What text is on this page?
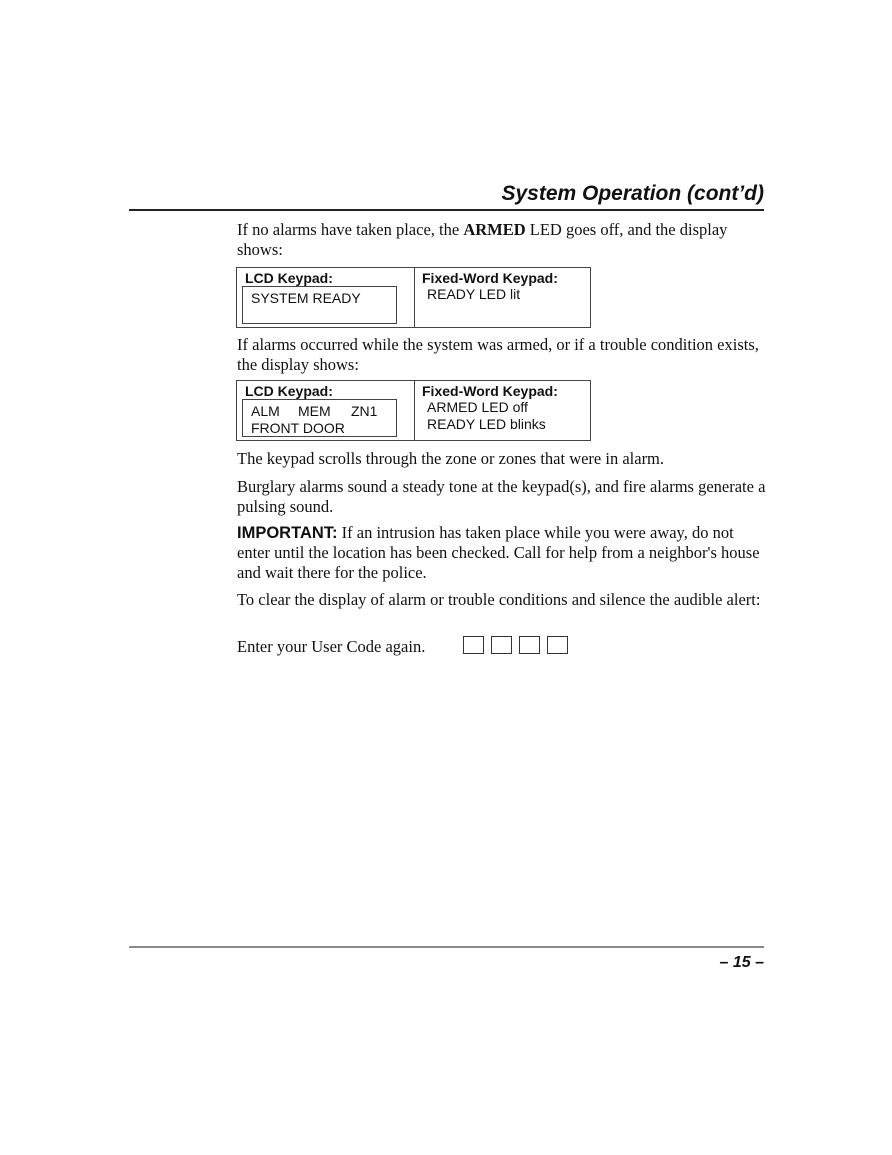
System Operation (cont’d)

If no alarms have taken place, the ARMED LED goes off, and the display shows:

LCD Keypad:
SYSTEM READY
Fixed-Word Keypad:
READY LED lit

If alarms occurred while the system was armed, or if a trouble condition exists, the display shows:

LCD Keypad:
ALM MEM ZN1
FRONT DOOR
Fixed-Word Keypad:
ARMED LED off
READY LED blinks

The keypad scrolls through the zone or zones that were in alarm.

Burglary alarms sound a steady tone at the keypad(s), and fire alarms generate a pulsing sound.

IMPORTANT: If an intrusion has taken place while you were away, do not enter until the location has been checked. Call for help from a neighbor's house and wait there for the police.

To clear the display of alarm or trouble conditions and silence the audible alert:

Enter your User Code again.

– 15 –
